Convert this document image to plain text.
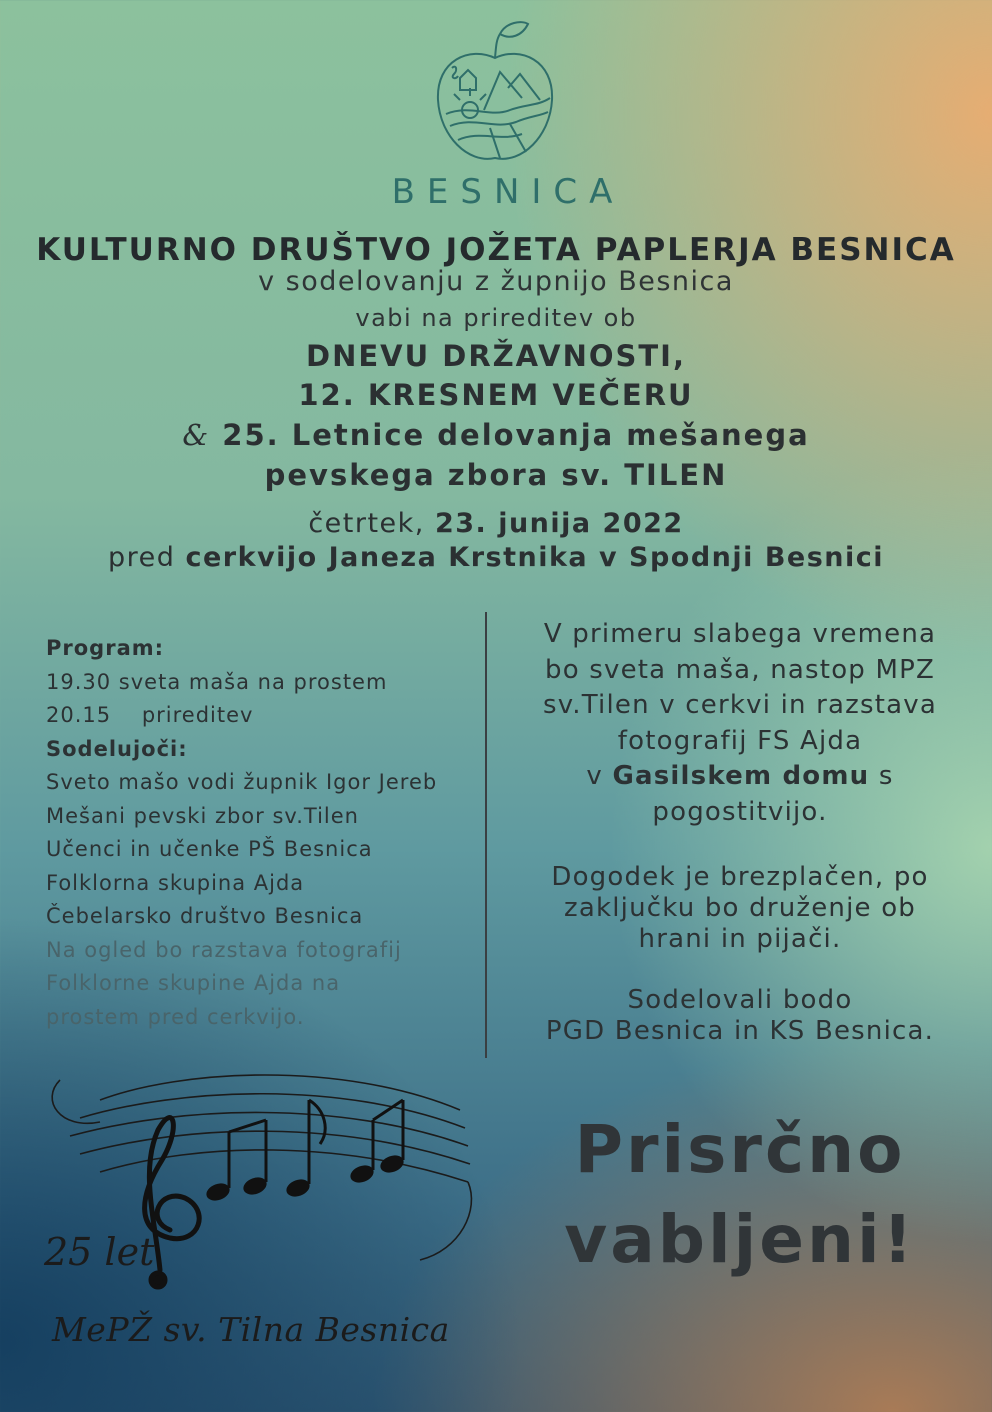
BESNICA
KULTURNO DRUŠTVO JOŽETA PAPLERJA BESNICA
v sodelovanju z župnijo Besnica
vabi na prireditev ob
DNEVU DRŽAVNOSTI,
12. KRESNEM VEČERU
& 25. Letnice delovanja mešanega
pevskega zbora sv. TILEN
četrtek, 23. junija 2022
pred cerkvijo Janeza Krstnika v Spodnji Besnici
Program:
19.30 sveta maša na prostem
20.15    prireditev
Sodelujoči:
Sveto mašo vodi župnik Igor Jereb
Mešani pevski zbor sv.Tilen
Učenci in učenke PŠ Besnica
Folklorna skupina Ajda
Čebelarsko društvo Besnica
Na ogled bo razstava fotografij
Folklorne skupine Ajda na
prostem pred cerkvijo.

V primeru slabega vremena
bo sveta maša, nastop MPZ
sv.Tilen v cerkvi in razstava
fotografij FS Ajda
v Gasilskem domu s
pogostitvijo.

Dogodek je brezplačen, po
zaključku bo druženje ob
hrani in pijači.

Sodelovali bodo
PGD Besnica in KS Besnica.

Prisrčno
vabljeni!
25 let
MePŽ sv. Tilna Besnica
